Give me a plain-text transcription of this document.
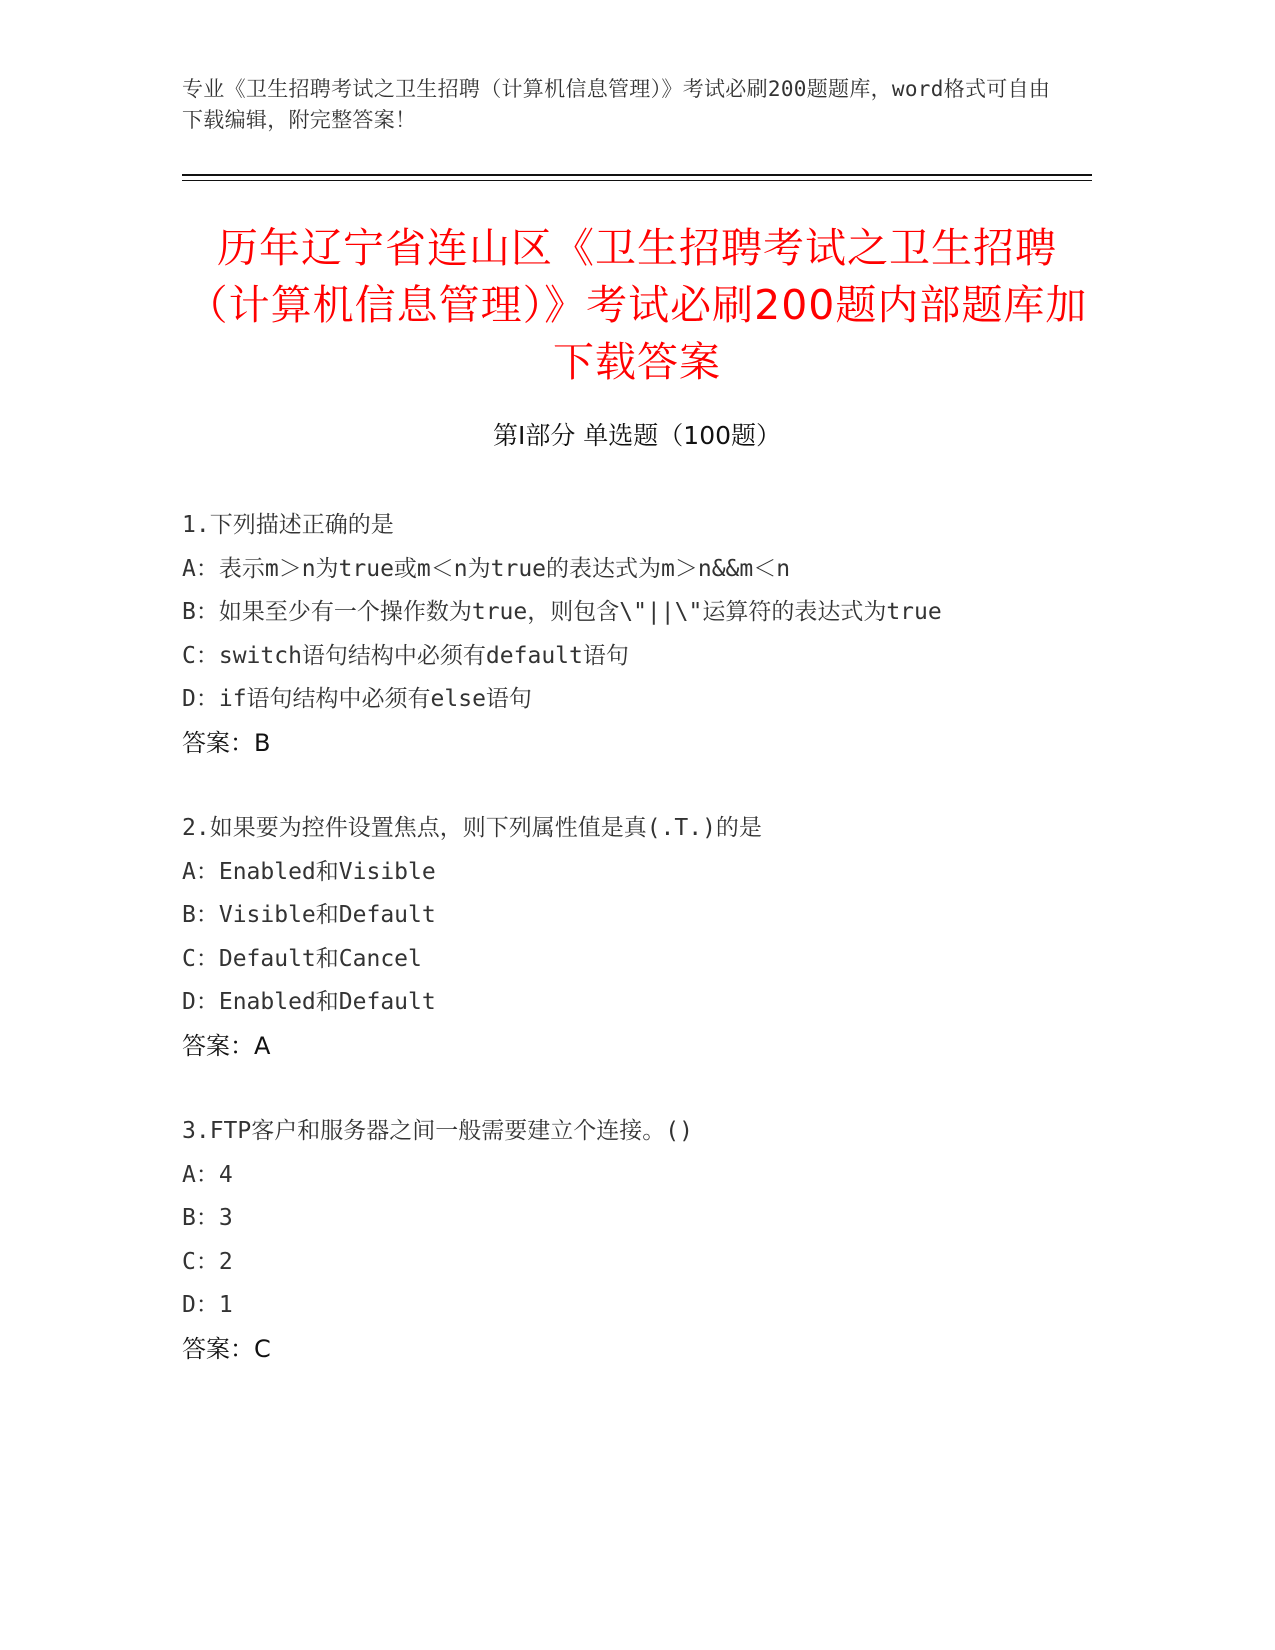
专业《卫生招聘考试之卫生招聘（计算机信息管理）》考试必刷200题题库，word格式可自由下载编辑，附完整答案！
历年辽宁省连山区《卫生招聘考试之卫生招聘（计算机信息管理）》考试必刷200题内部题库加下载答案
第Ⅰ部分 单选题（100题）

1.下列描述正确的是

A：表示m＞n为true或m＜n为true的表达式为m＞n&&m＜n

B：如果至少有一个操作数为true，则包含\"||\"运算符的表达式为true

C：switch语句结构中必须有default语句

D：if语句结构中必须有else语句

答案：B

2.如果要为控件设置焦点，则下列属性值是真(.T.)的是

A：Enabled和Visible

B：Visible和Default

C：Default和Cancel

D：Enabled和Default

答案：A

3.FTP客户和服务器之间一般需要建立个连接。()

A：4

B：3

C：2

D：1

答案：C
